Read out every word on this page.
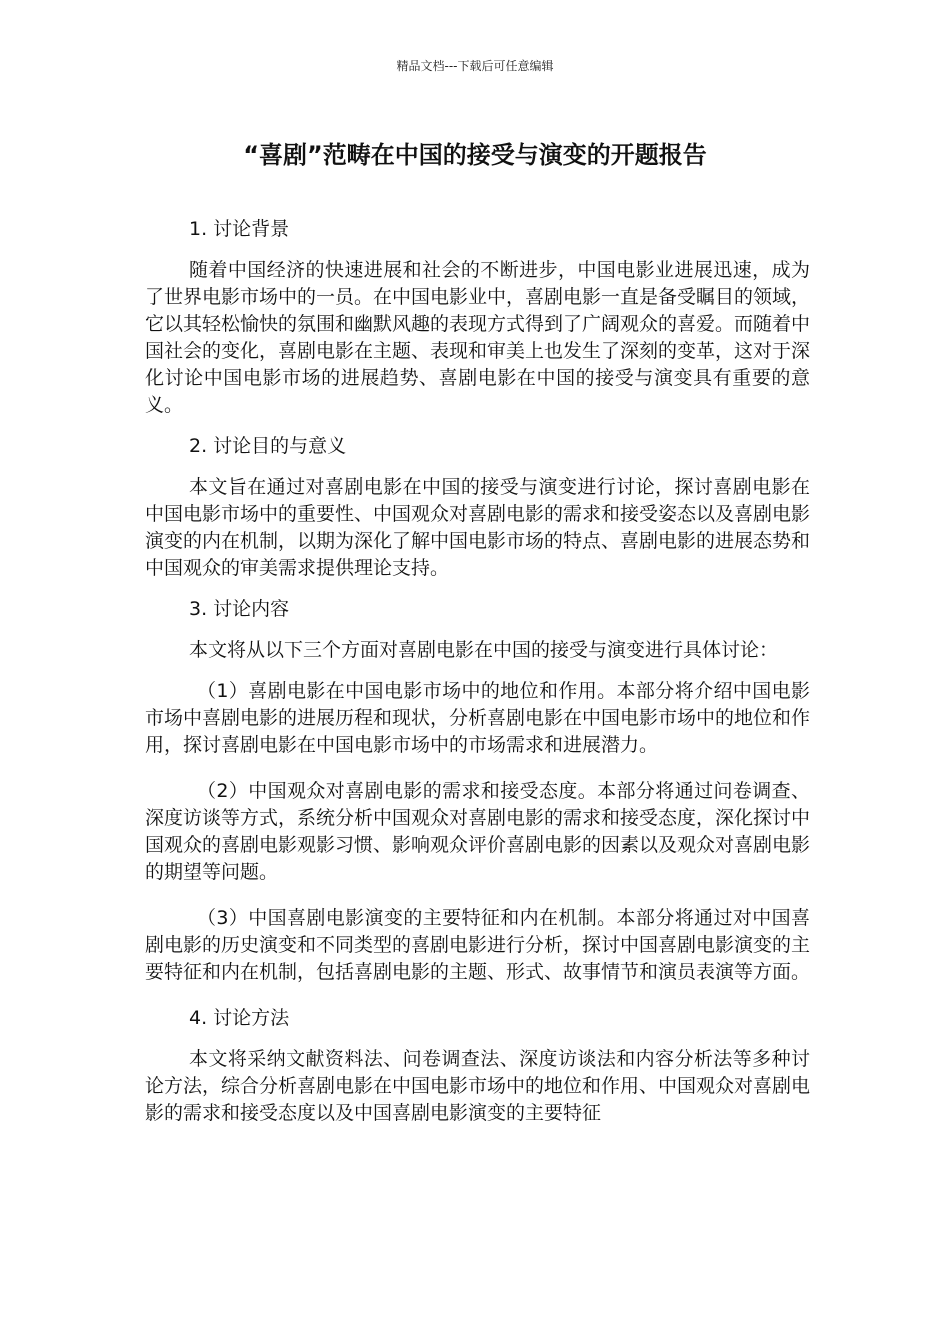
精品文档---下载后可任意编辑
“喜剧”范畴在中国的接受与演变的开题报告

1. 讨论背景

随着中国经济的快速进展和社会的不断进步，中国电影业进展迅速，成为了世界电影市场中的一员。在中国电影业中，喜剧电影一直是备受瞩目的领域，它以其轻松愉快的氛围和幽默风趣的表现方式得到了广阔观众的喜爱。而随着中国社会的变化，喜剧电影在主题、表现和审美上也发生了深刻的变革，这对于深化讨论中国电影市场的进展趋势、喜剧电影在中国的接受与演变具有重要的意义。

2. 讨论目的与意义

本文旨在通过对喜剧电影在中国的接受与演变进行讨论，探讨喜剧电影在中国电影市场中的重要性、中国观众对喜剧电影的需求和接受姿态以及喜剧电影演变的内在机制，以期为深化了解中国电影市场的特点、喜剧电影的进展态势和中国观众的审美需求提供理论支持。

3. 讨论内容

本文将从以下三个方面对喜剧电影在中国的接受与演变进行具体讨论：

（1）喜剧电影在中国电影市场中的地位和作用。本部分将介绍中国电影市场中喜剧电影的进展历程和现状，分析喜剧电影在中国电影市场中的地位和作用，探讨喜剧电影在中国电影市场中的市场需求和进展潜力。

（2）中国观众对喜剧电影的需求和接受态度。本部分将通过问卷调查、深度访谈等方式，系统分析中国观众对喜剧电影的需求和接受态度，深化探讨中国观众的喜剧电影观影习惯、影响观众评价喜剧电影的因素以及观众对喜剧电影的期望等问题。

（3）中国喜剧电影演变的主要特征和内在机制。本部分将通过对中国喜剧电影的历史演变和不同类型的喜剧电影进行分析，探讨中国喜剧电影演变的主要特征和内在机制，包括喜剧电影的主题、形式、故事情节和演员表演等方面。

4. 讨论方法

本文将采纳文献资料法、问卷调查法、深度访谈法和内容分析法等多种讨论方法，综合分析喜剧电影在中国电影市场中的地位和作用、中国观众对喜剧电影的需求和接受态度以及中国喜剧电影演变的主要特征
